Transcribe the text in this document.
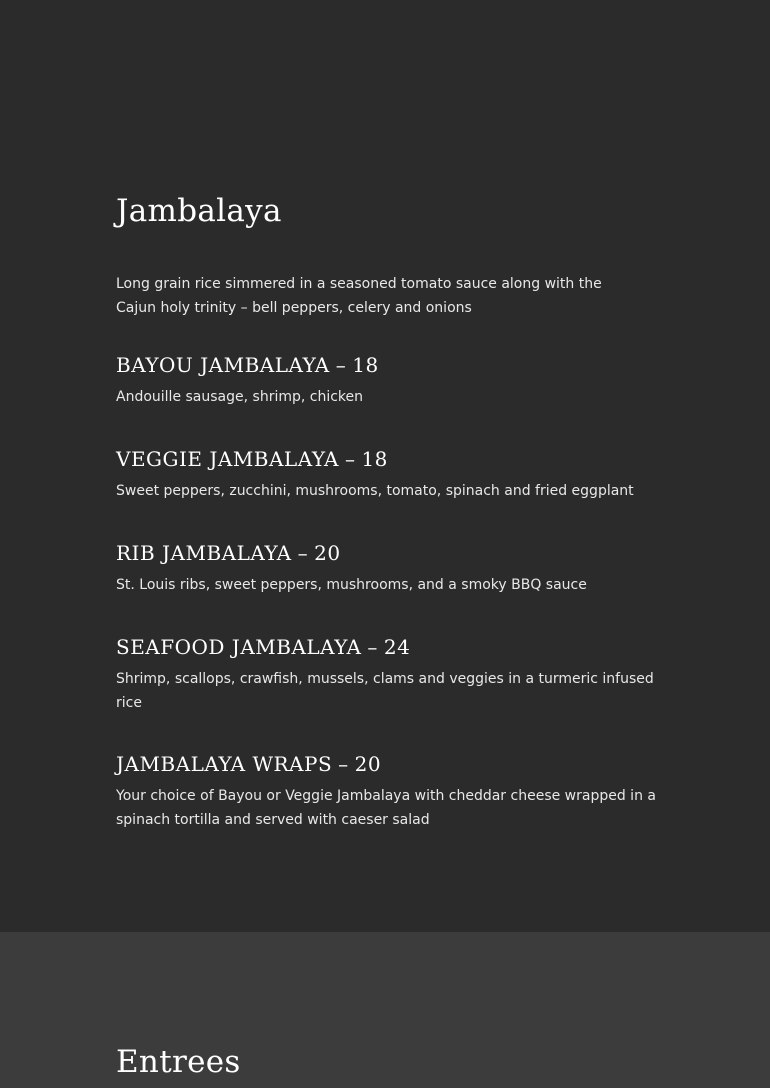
Jambalaya

Long grain rice simmered in a seasoned tomato sauce along with the Cajun holy trinity – bell peppers, celery and onions

BAYOU JAMBALAYA – 18

Andouille sausage, shrimp, chicken

VEGGIE JAMBALAYA – 18

Sweet peppers, zucchini, mushrooms, tomato, spinach and fried eggplant

RIB JAMBALAYA – 20

St. Louis ribs, sweet peppers, mushrooms, and a smoky BBQ sauce

SEAFOOD JAMBALAYA – 24

Shrimp, scallops, crawfish, mussels, clams and veggies in a turmeric infused rice

JAMBALAYA WRAPS – 20

Your choice of Bayou or Veggie Jambalaya with cheddar cheese wrapped in a spinach tortilla and served with caeser salad

Entrees
